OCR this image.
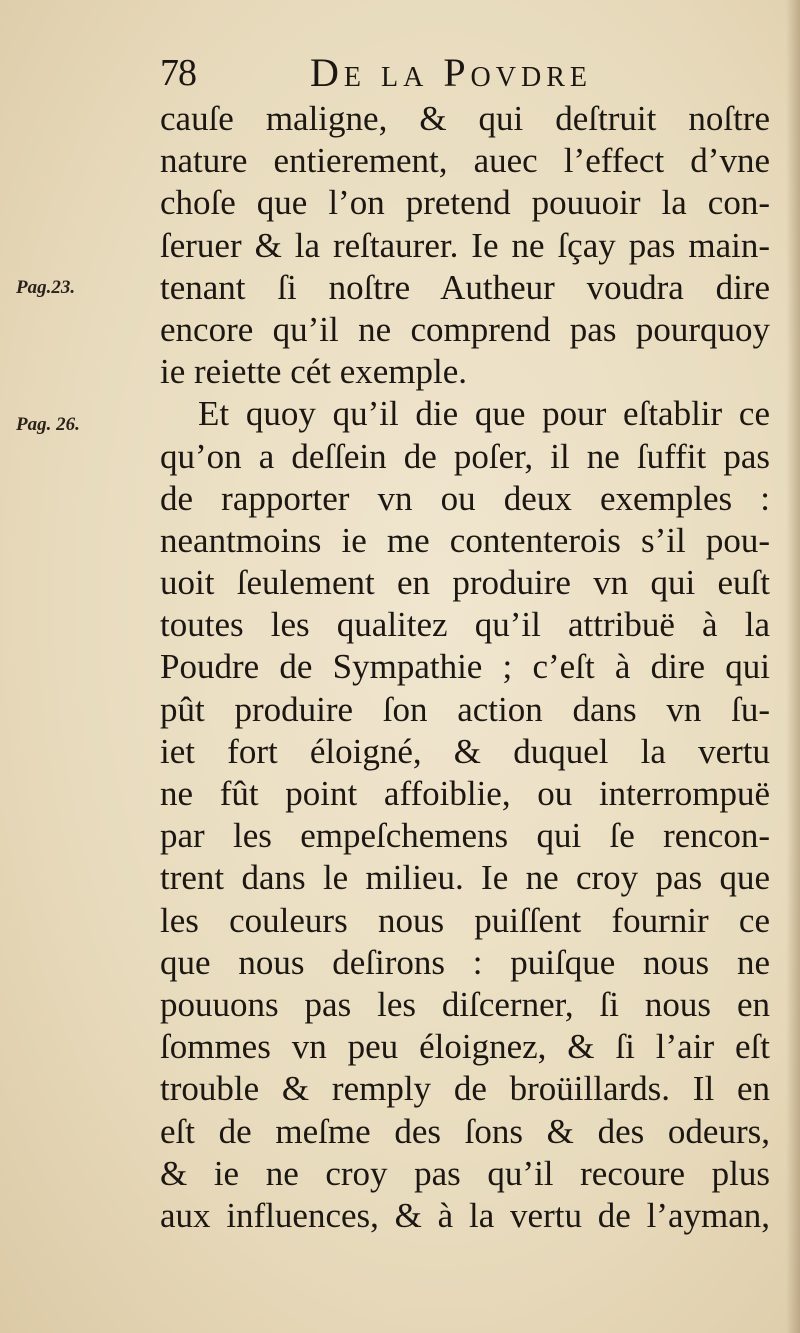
78	De la Povdre
Pag.23.
Pag. 26.
cauſe maligne, & qui deſtruit noſtre
nature entierement, auec l’effect d’vne
choſe que l’on pretend pouuoir la con-
ſeruer & la reſtaurer. Ie ne ſçay pas main-
tenant ſi noſtre Autheur voudra dire
encore qu’il ne comprend pas pourquoy
ie reiette cét exemple.
Et quoy qu’il die que pour eſtablir ce
qu’on a deſſein de poſer, il ne ſuffit pas
de rapporter vn ou deux exemples :
neantmoins ie me contenterois s’il pou-
uoit ſeulement en produire vn qui euſt
toutes les qualitez qu’il attribuë à la
Poudre de Sympathie ; c’eſt à dire qui
pût produire ſon action dans vn ſu-
iet fort éloigné, & duquel la vertu
ne fût point affoiblie, ou interrompuë
par les empeſchemens qui ſe rencon-
trent dans le milieu. Ie ne croy pas que
les couleurs nous puiſſent fournir ce
que nous deſirons : puiſque nous ne
pouuons pas les diſcerner, ſi nous en
ſommes vn peu éloignez, & ſi l’air eſt
trouble & remply de broüillards. Il en
eſt de meſme des ſons & des odeurs,
& ie ne croy pas qu’il recoure plus
aux influences, & à la vertu de l’ayman,
